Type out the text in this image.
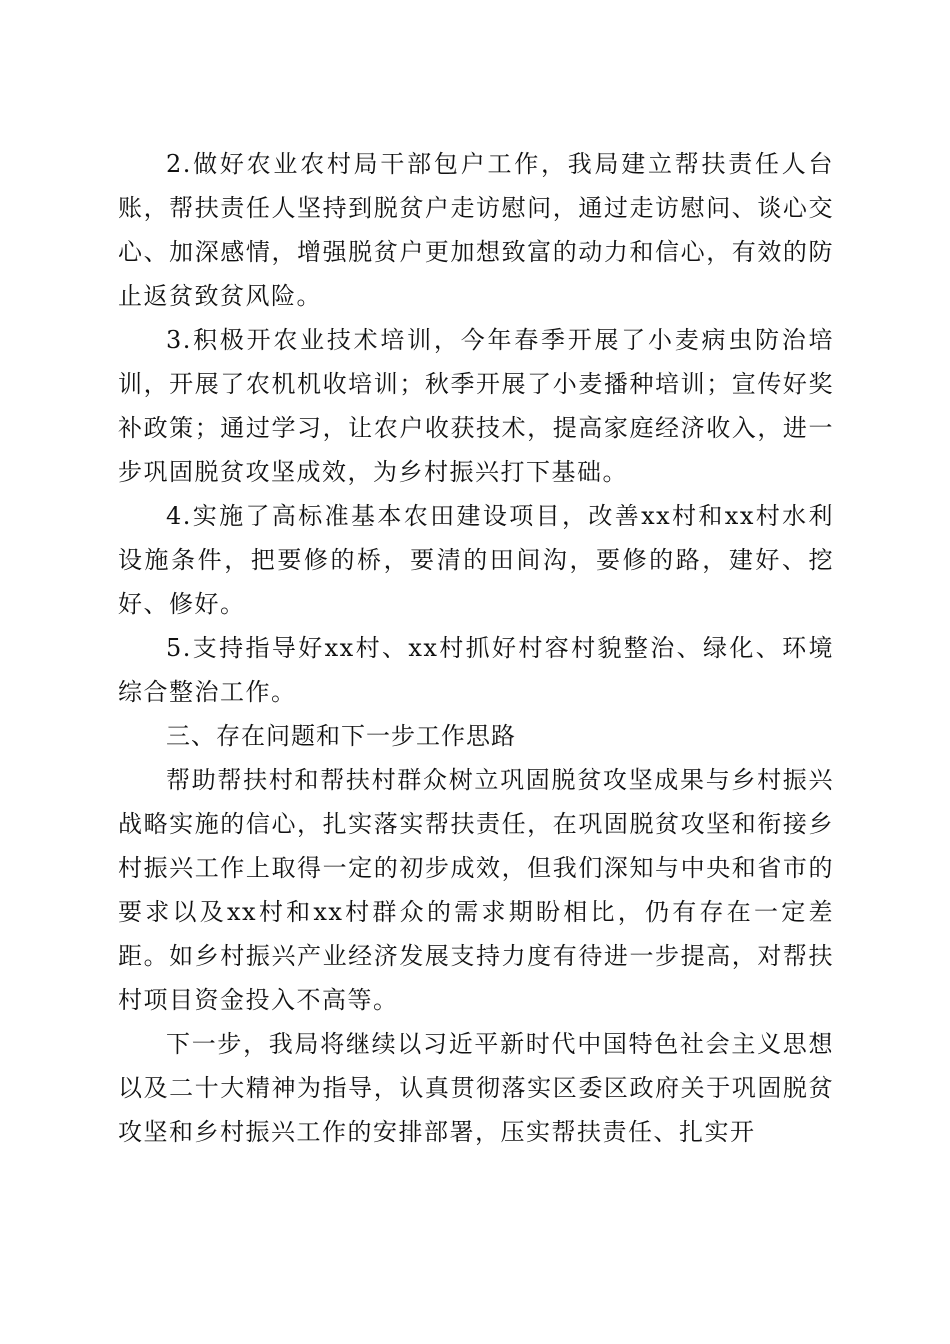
2.做好农业农村局干部包户工作，我局建立帮扶责任人台账，帮扶责任人坚持到脱贫户走访慰问，通过走访慰问、谈心交心、加深感情，增强脱贫户更加想致富的动力和信心，有效的防止返贫致贫风险。

3.积极开农业技术培训，今年春季开展了小麦病虫防治培训，开展了农机机收培训；秋季开展了小麦播种培训；宣传好奖补政策；通过学习，让农户收获技术，提高家庭经济收入，进一步巩固脱贫攻坚成效，为乡村振兴打下基础。

4.实施了高标准基本农田建设项目，改善xx村和xx村水利设施条件，把要修的桥，要清的田间沟，要修的路，建好、挖好、修好。

5.支持指导好xx村、xx村抓好村容村貌整治、绿化、环境综合整治工作。

三、存在问题和下一步工作思路

帮助帮扶村和帮扶村群众树立巩固脱贫攻坚成果与乡村振兴战略实施的信心，扎实落实帮扶责任，在巩固脱贫攻坚和衔接乡村振兴工作上取得一定的初步成效，但我们深知与中央和省市的要求以及xx村和xx村群众的需求期盼相比，仍有存在一定差距。如乡村振兴产业经济发展支持力度有待进一步提高，对帮扶村项目资金投入不高等。

下一步，我局将继续以习近平新时代中国特色社会主义思想以及二十大精神为指导，认真贯彻落实区委区政府关于巩固脱贫攻坚和乡村振兴工作的安排部署，压实帮扶责任、扎实开
